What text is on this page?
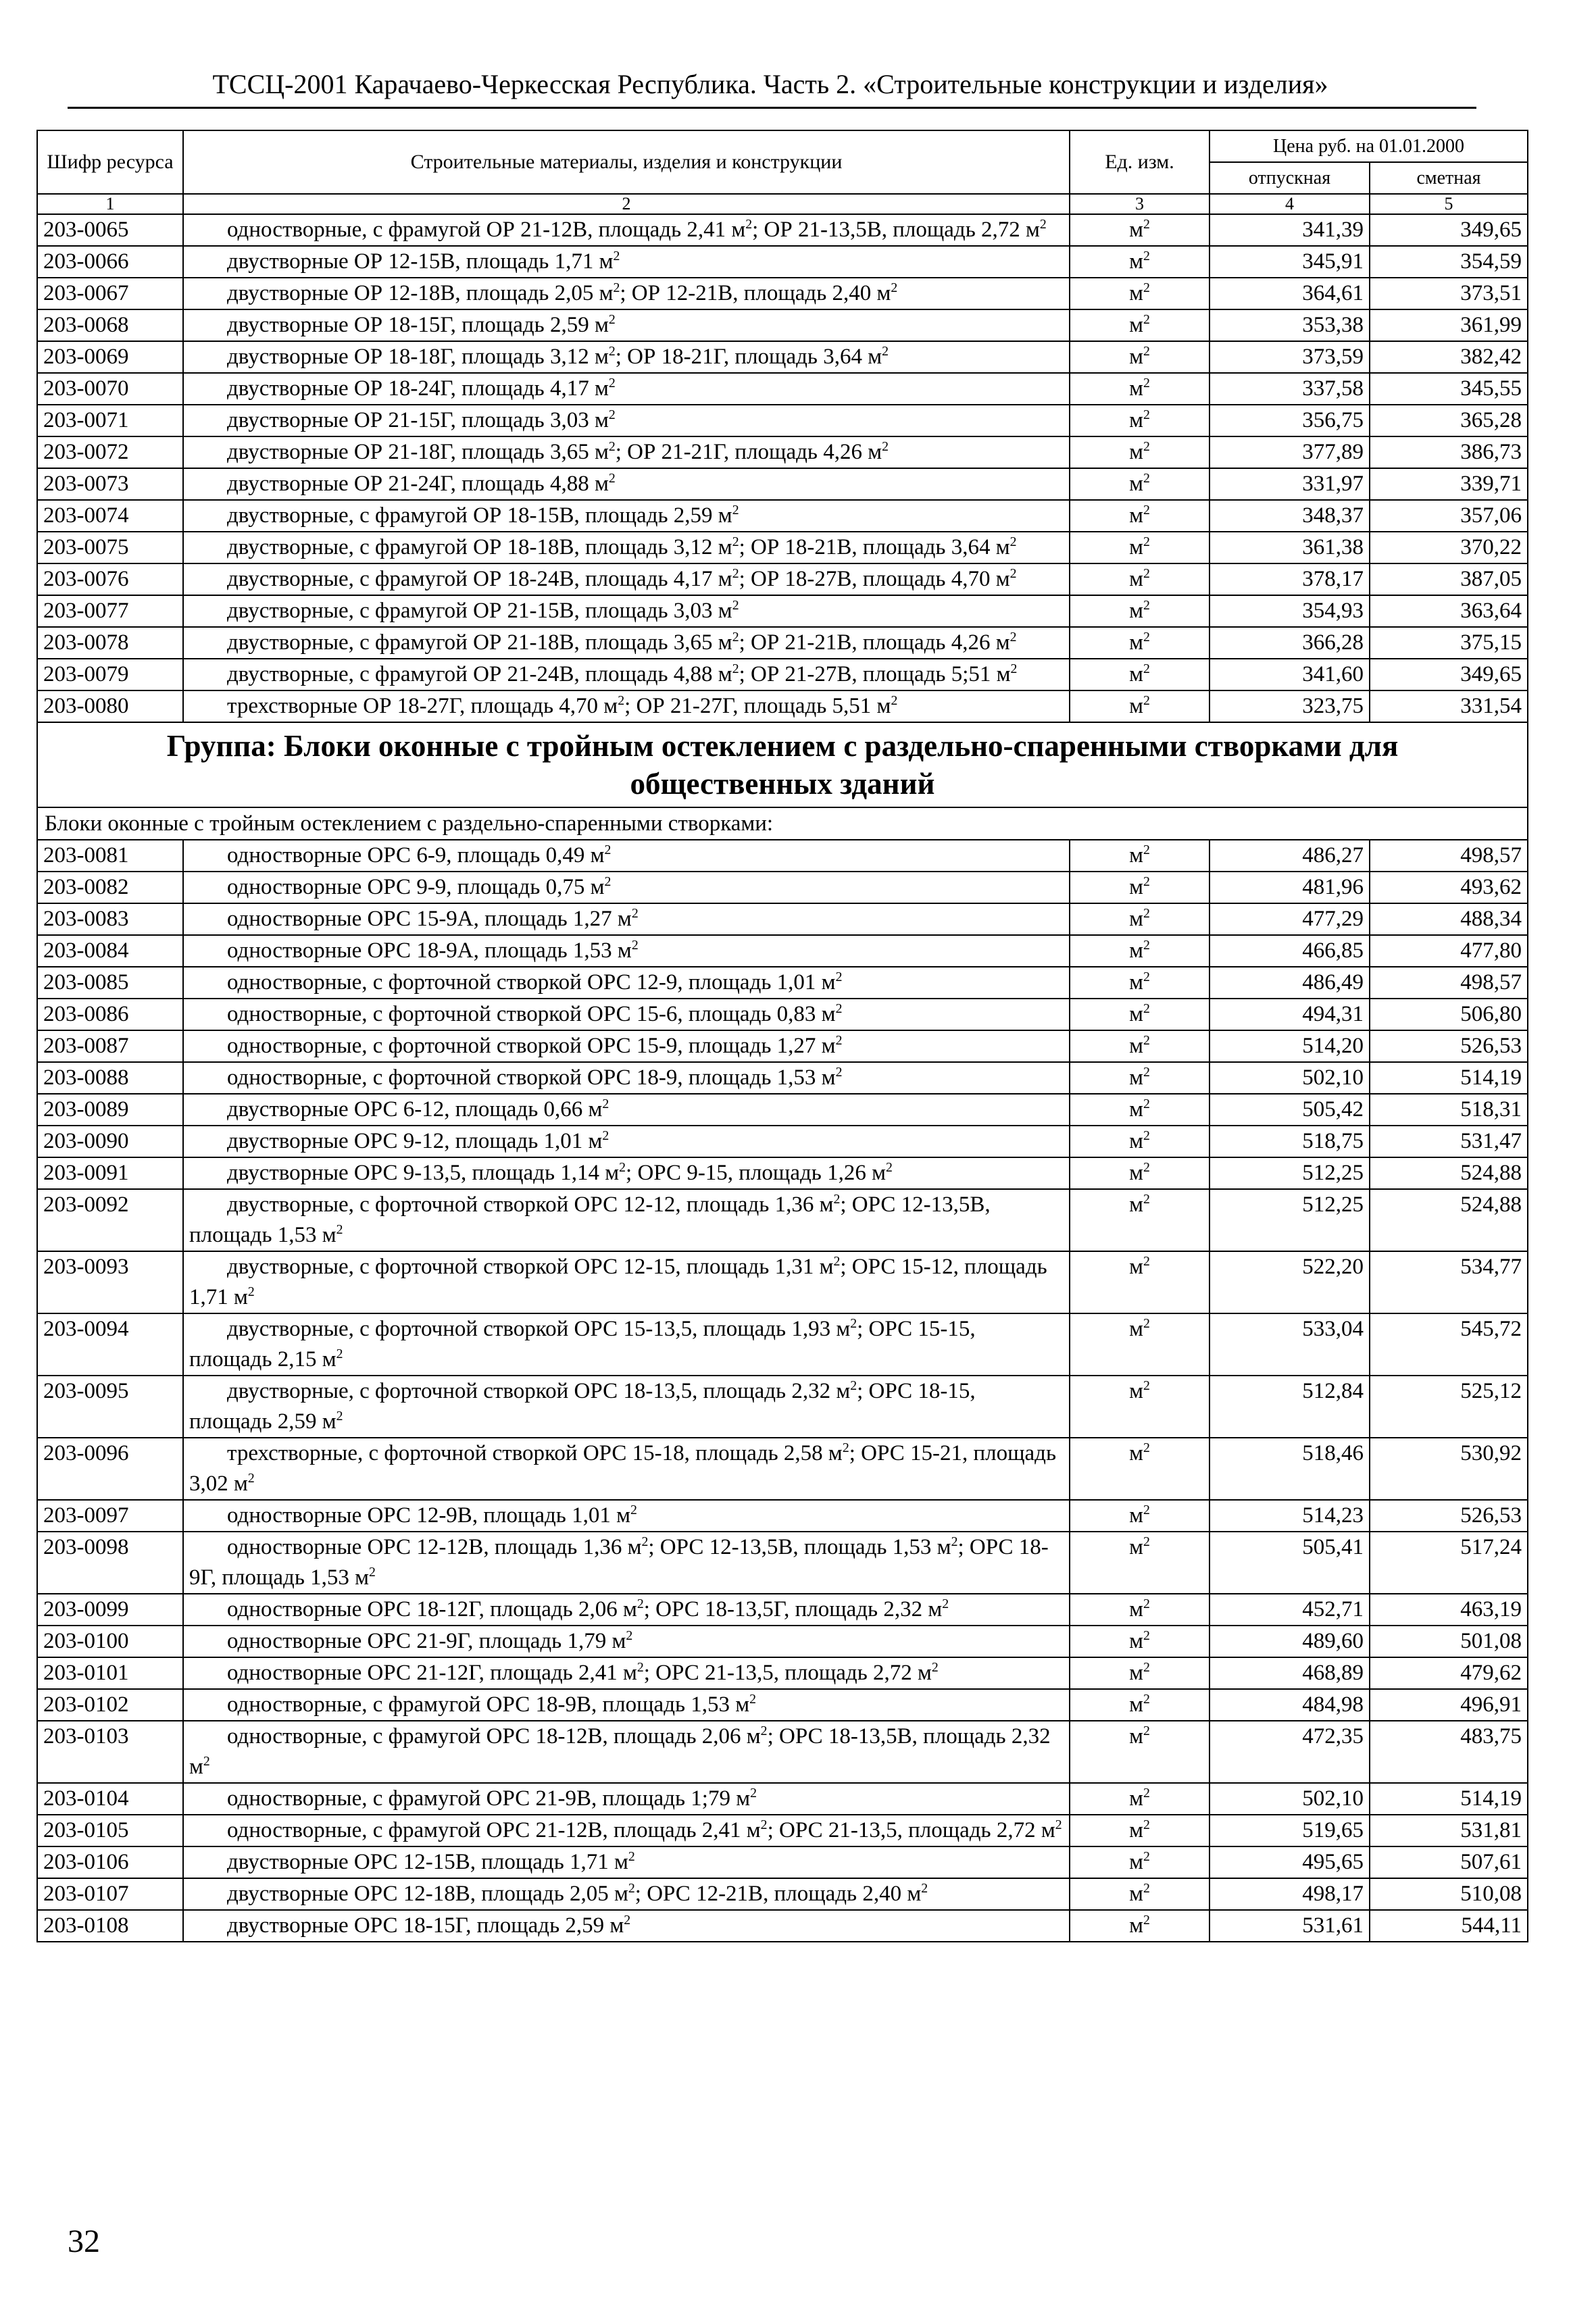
ТССЦ-2001 Карачаево-Черкесская Республика. Часть 2. «Строительные конструкции и изделия»
Шифр ресурса	Строительные материалы, изделия и конструкции	Ед. изм.	Цена руб. на 01.01.2000	
			отпускная	сметная
1	2	3	4	5
203-0065	одностворные, с фрамугой ОР 21-12В, площадь 2,41 $м^2$; ОР 21-13,5В, площадь 2,72 $м^2$	$м^2$	341,39	349,65
203-0066	двустворные ОР 12-15В, площадь 1,71 $м^2$	$м^2$	345,91	354,59
203-0067	двустворные ОР 12-18В, площадь 2,05 $м^2$; ОР 12-21В, площадь 2,40 $м^2$	$м^2$	364,61	373,51
203-0068	двустворные ОР 18-15Г, площадь 2,59 $м^2$	$м^2$	353,38	361,99
203-0069	двустворные ОР 18-18Г, площадь 3,12 $м^2$; ОР 18-21Г, площадь 3,64 $м^2$	$м^2$	373,59	382,42
203-0070	двустворные ОР 18-24Г, площадь 4,17 $м^2$	$м^2$	337,58	345,55
203-0071	двустворные ОР 21-15Г, площадь 3,03 $м^2$	$м^2$	356,75	365,28
203-0072	двустворные ОР 21-18Г, площадь 3,65 $м^2$; ОР 21-21Г, площадь 4,26 $м^2$	$м^2$	377,89	386,73
203-0073	двустворные ОР 21-24Г, площадь 4,88 $м^2$	$м^2$	331,97	339,71
203-0074	двустворные, с фрамугой ОР 18-15В, площадь 2,59 $м^2$	$м^2$	348,37	357,06
203-0075	двустворные, с фрамугой ОР 18-18В, площадь 3,12 $м^2$; ОР 18-21В, площадь 3,64 $м^2$	$м^2$	361,38	370,22
203-0076	двустворные, с фрамугой ОР 18-24В, площадь 4,17 $м^2$; ОР 18-27В, площадь 4,70 $м^2$	$м^2$	378,17	387,05
203-0077	двустворные, с фрамугой ОР 21-15В, площадь 3,03 $м^2$	$м^2$	354,93	363,64
203-0078	двустворные, с фрамугой ОР 21-18В, площадь 3,65 $м^2$; ОР 21-21В, площадь 4,26 $м^2$	$м^2$	366,28	375,15
203-0079	двустворные, с фрамугой ОР 21-24В, площадь 4,88 $м^2$; ОР 21-27В, площадь 5;51 $м^2$	$м^2$	341,60	349,65
203-0080	трехстворные ОР 18-27Г, площадь 4,70 $м^2$; ОР 21-27Г, площадь 5,51 $м^2$	$м^2$	323,75	331,54
Группа: Блоки оконные с тройным остеклением с раздельно-спаренными створками для общественных зданий				
Блоки оконные с тройным остеклением с раздельно-спаренными створками:				
203-0081	одностворные ОРС 6-9, площадь 0,49 $м^2$	$м^2$	486,27	498,57
203-0082	одностворные ОРС 9-9, площадь 0,75 $м^2$	$м^2$	481,96	493,62
203-0083	одностворные ОРС 15-9А, площадь 1,27 $м^2$	$м^2$	477,29	488,34
203-0084	одностворные ОРС 18-9А, площадь 1,53 $м^2$	$м^2$	466,85	477,80
203-0085	одностворные, с форточной створкой ОРС 12-9, площадь 1,01 $м^2$	$м^2$	486,49	498,57
203-0086	одностворные, с форточной створкой ОРС 15-6, площадь 0,83 $м^2$	$м^2$	494,31	506,80
203-0087	одностворные, с форточной створкой ОРС 15-9, площадь 1,27 $м^2$	$м^2$	514,20	526,53
203-0088	одностворные, с форточной створкой ОРС 18-9, площадь 1,53 $м^2$	$м^2$	502,10	514,19
203-0089	двустворные ОРС 6-12, площадь 0,66 $м^2$	$м^2$	505,42	518,31
203-0090	двустворные ОРС 9-12, площадь 1,01 $м^2$	$м^2$	518,75	531,47
203-0091	двустворные ОРС 9-13,5, площадь 1,14 $м^2$; ОРС 9-15, площадь 1,26 $м^2$	$м^2$	512,25	524,88
203-0092	двустворные, с форточной створкой ОРС 12-12, площадь 1,36 $м^2$; ОРС 12-13,5В, площадь 1,53 $м^2$	$м^2$	512,25	524,88
203-0093	двустворные, с форточной створкой ОРС 12-15, площадь 1,31 $м^2$; ОРС 15-12, площадь 1,71 $м^2$	$м^2$	522,20	534,77
203-0094	двустворные, с форточной створкой ОРС 15-13,5, площадь 1,93 $м^2$; ОРС 15-15, площадь 2,15 $м^2$	$м^2$	533,04	545,72
203-0095	двустворные, с форточной створкой ОРС 18-13,5, площадь 2,32 $м^2$; ОРС 18-15, площадь 2,59 $м^2$	$м^2$	512,84	525,12
203-0096	трехстворные, с форточной створкой ОРС 15-18, площадь 2,58 $м^2$; ОРС 15-21, площадь 3,02 $м^2$	$м^2$	518,46	530,92
203-0097	одностворные ОРС 12-9В, площадь 1,01 $м^2$	$м^2$	514,23	526,53
203-0098	одностворные ОРС 12-12В, площадь 1,36 $м^2$; ОРС 12-13,5В, площадь 1,53 $м^2$; ОРС 18-9Г, площадь 1,53 $м^2$	$м^2$	505,41	517,24
203-0099	одностворные ОРС 18-12Г, площадь 2,06 $м^2$; ОРС 18-13,5Г, площадь 2,32 $м^2$	$м^2$	452,71	463,19
203-0100	одностворные ОРС 21-9Г, площадь 1,79 $м^2$	$м^2$	489,60	501,08
203-0101	одностворные ОРС 21-12Г, площадь 2,41 $м^2$; ОРС 21-13,5, площадь 2,72 $м^2$	$м^2$	468,89	479,62
203-0102	одностворные, с фрамугой ОРС 18-9В, площадь 1,53 $м^2$	$м^2$	484,98	496,91
203-0103	одностворные, с фрамугой ОРС 18-12В, площадь 2,06 $м^2$; ОРС 18-13,5В, площадь 2,32 $м^2$	$м^2$	472,35	483,75
203-0104	одностворные, с фрамугой ОРС 21-9В, площадь 1;79 $м^2$	$м^2$	502,10	514,19
203-0105	одностворные, с фрамугой ОРС 21-12В, площадь 2,41 $м^2$; ОРС 21-13,5, площадь 2,72 $м^2$	$м^2$	519,65	531,81
203-0106	двустворные ОРС 12-15В, площадь 1,71 $м^2$	$м^2$	495,65	507,61
203-0107	двустворные ОРС 12-18В, площадь 2,05 $м^2$; ОРС 12-21В, площадь 2,40 $м^2$	$м^2$	498,17	510,08
203-0108	двустворные ОРС 18-15Г, площадь 2,59 $м^2$	$м^2$	531,61	544,11
32
